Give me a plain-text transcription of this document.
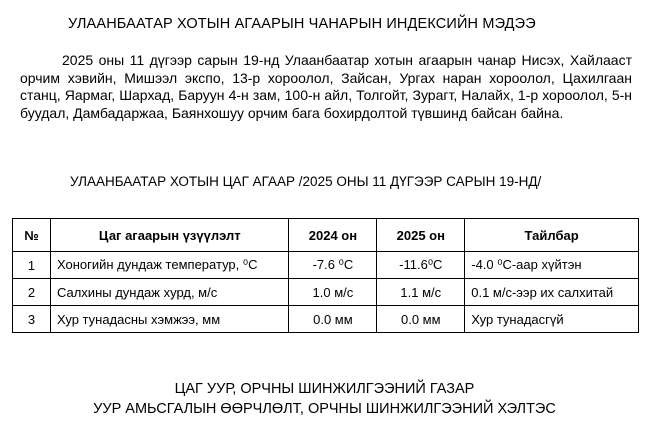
УЛААНБААТАР ХОТЫН АГААРЫН ЧАНАРЫН ИНДЕКСИЙН МЭДЭЭ

2025 оны 11 дүгээр сарын 19-нд Улаанбаатар хотын агаарын чанар Нисэх, Хайлааст орчим хэвийн, Мишээл экспо, 13-р хороолол, Зайсан, Ургах наран хороолол, Цахилгаан станц, Яармаг, Шархад, Баруун 4-н зам, 100-н айл, Толгойт, Зурагт, Налайх, 1-р хороолол, 5-н буудал, Дамбадаржаа, Баянхошуу орчим бага бохирдолтой түвшинд байсан байна.

УЛААНБААТАР ХОТЫН ЦАГ АГААР /2025 ОНЫ 11 ДҮГЭЭР САРЫН 19-НД/
№	Цаг агаарын үзүүлэлт	2024 он	2025 он	Тайлбар
1	Хоногийн дундаж температур, ⁰С	-7.6 ⁰С	-11.6⁰С	-4.0 ⁰С-аар хүйтэн
2	Салхины дундаж хурд, м/с	1.0 м/с	1.1 м/с	0.1 м/с-ээр их салхитай
3	Хур тунадасны хэмжээ, мм	0.0 мм	0.0 мм	Хур тунадасгүй
ЦАГ УУР, ОРЧНЫ ШИНЖИЛГЭЭНИЙ ГАЗАР
УУР АМЬСГАЛЫН ӨӨРЧЛӨЛТ, ОРЧНЫ ШИНЖИЛГЭЭНИЙ ХЭЛТЭС
